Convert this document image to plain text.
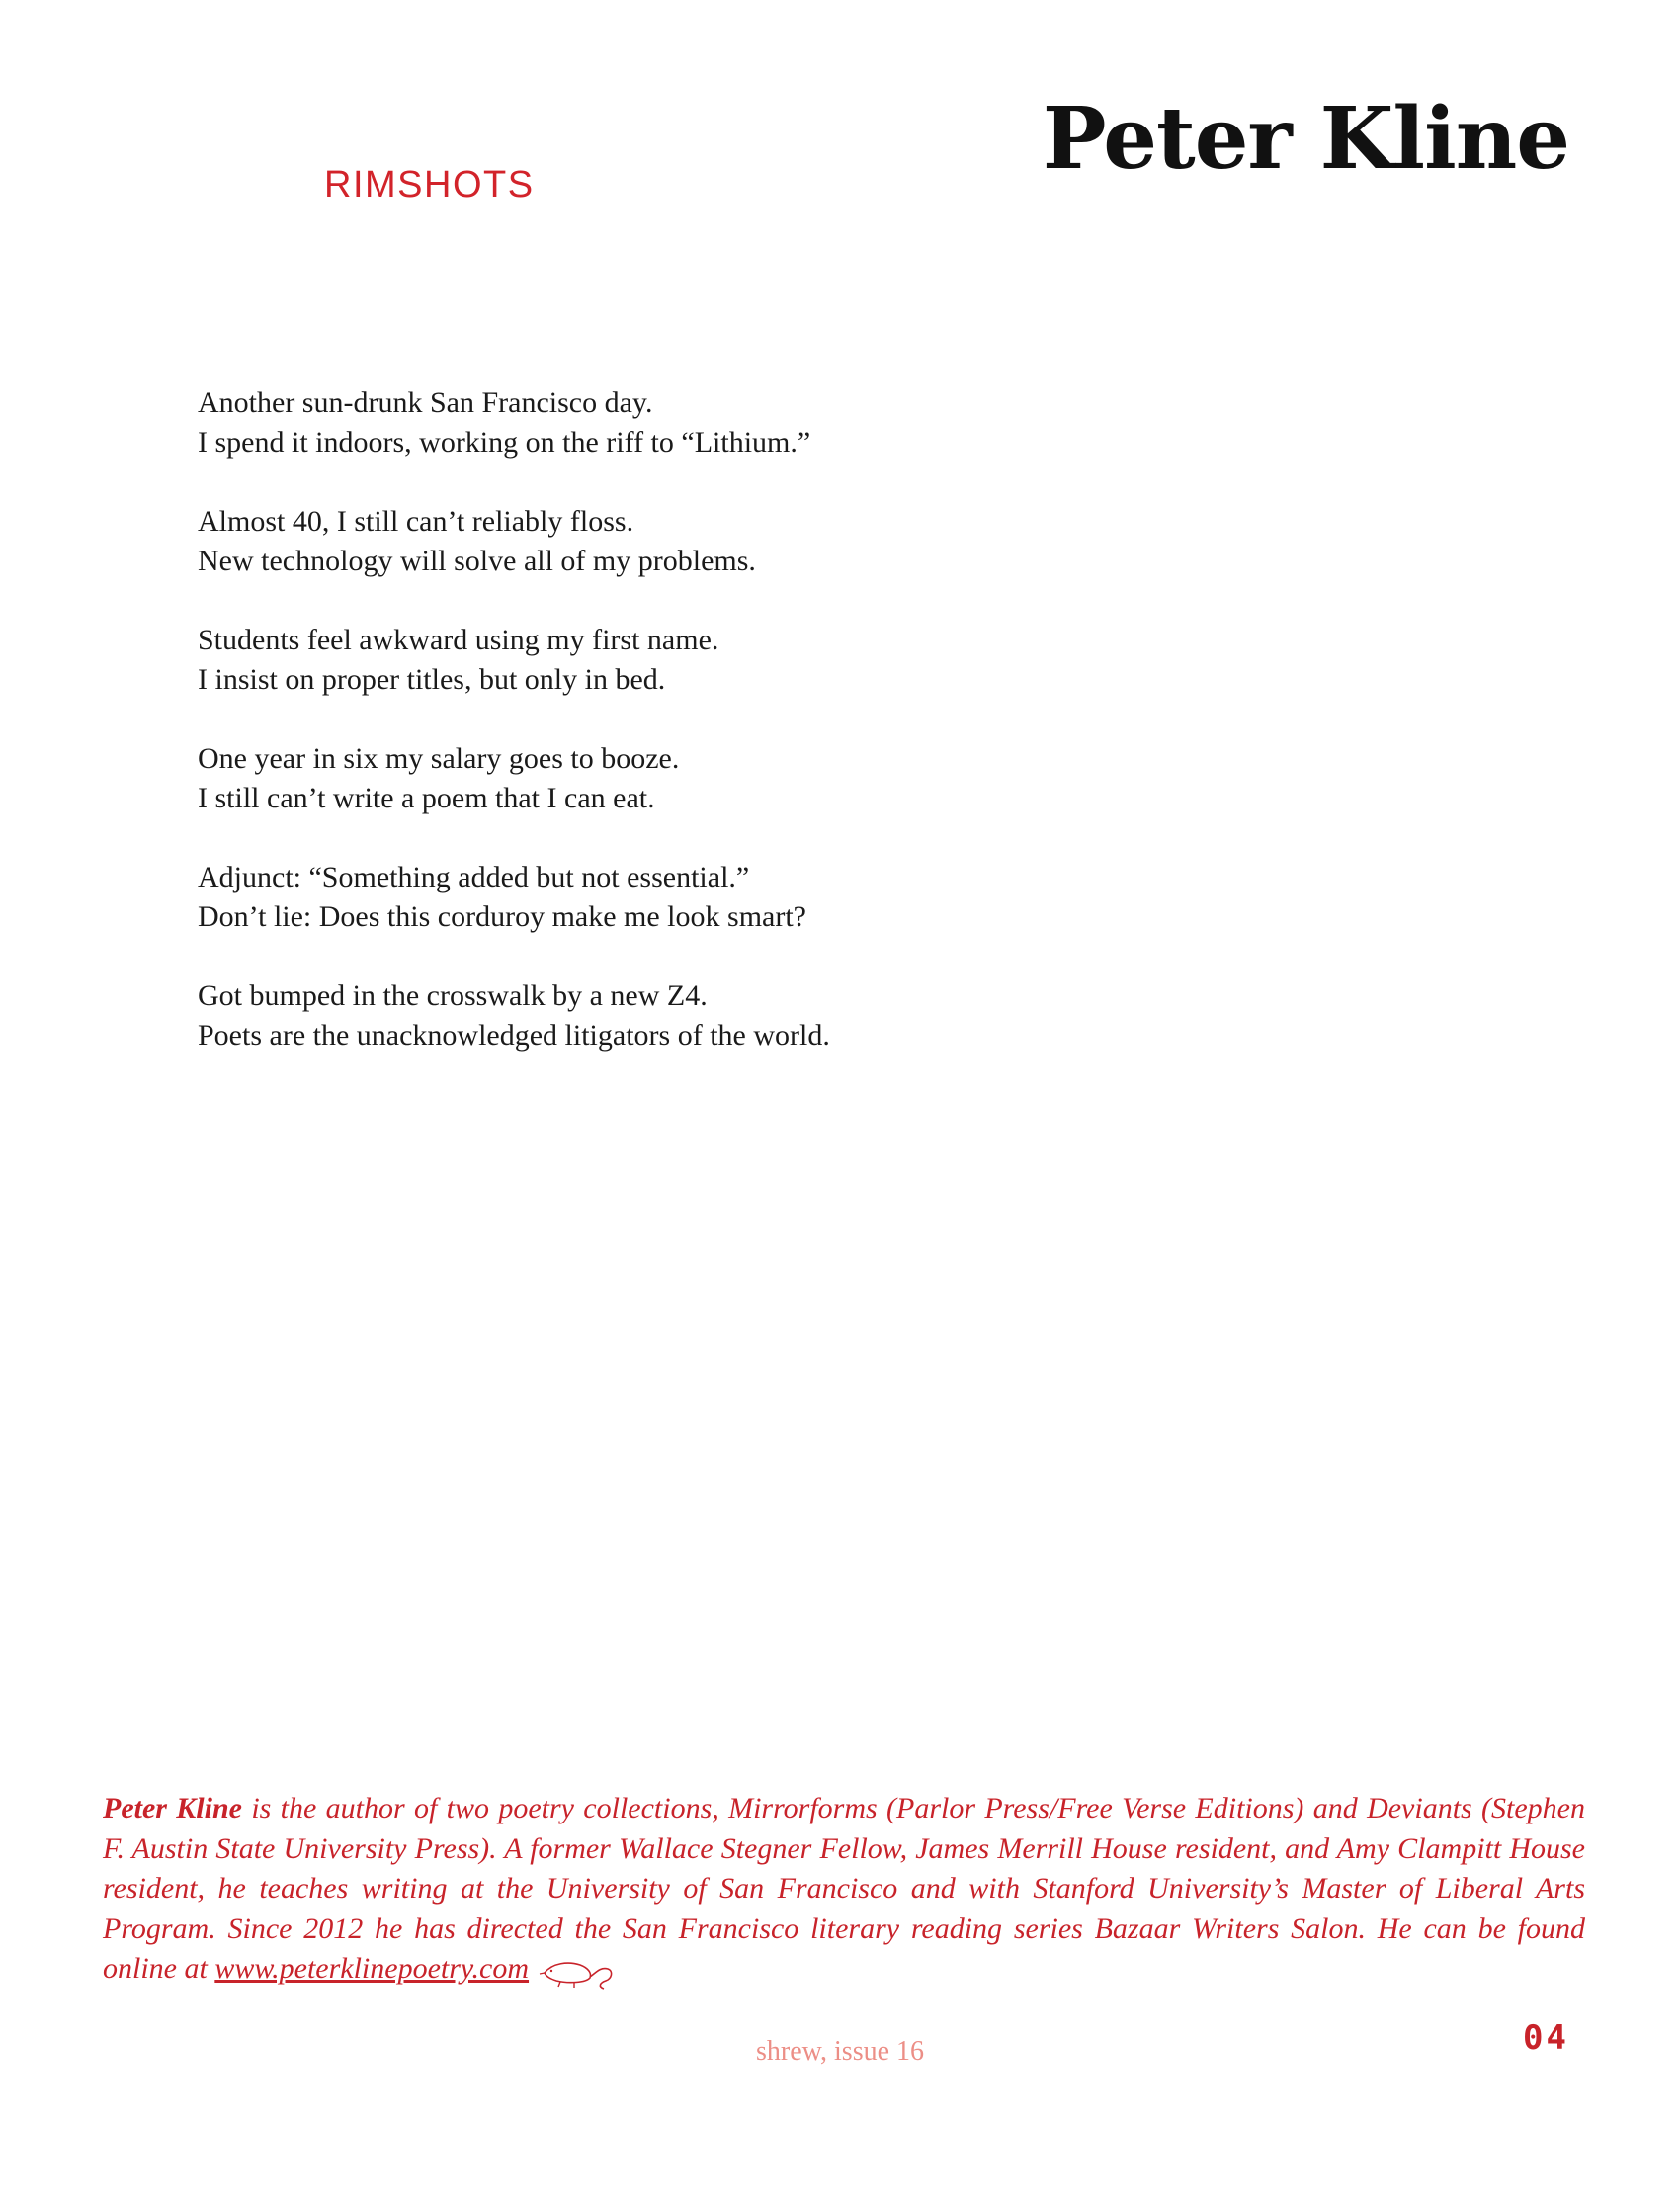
RIMSHOTS	Peter Kline

Another sun-drunk San Francisco day.
I spend it indoors, working on the riff to “Lithium.”

Almost 40, I still can’t reliably floss.
New technology will solve all of my problems.

Students feel awkward using my first name.
I insist on proper titles, but only in bed.

One year in six my salary goes to booze.
I still can’t write a poem that I can eat.

Adjunct: “Something added but not essential.”
Don’t lie: Does this corduroy make me look smart?

Got bumped in the crosswalk by a new Z4.
Poets are the unacknowledged litigators of the world.

Peter Kline is the author of two poetry collections, Mirrorforms (Parlor Press/Free Verse Editions) and Deviants (Stephen F. Austin State University Press). A former Wallace Stegner Fellow, James Merrill House resident, and Amy Clampitt House resident, he teaches writing at the University of San Francisco and with Stanford University’s Master of Liberal Arts Program. Since 2012 he has directed the San Francisco literary reading series Bazaar Writers Salon. He can be found online at www.peterklinepoetry.com

shrew, issue 16	04
